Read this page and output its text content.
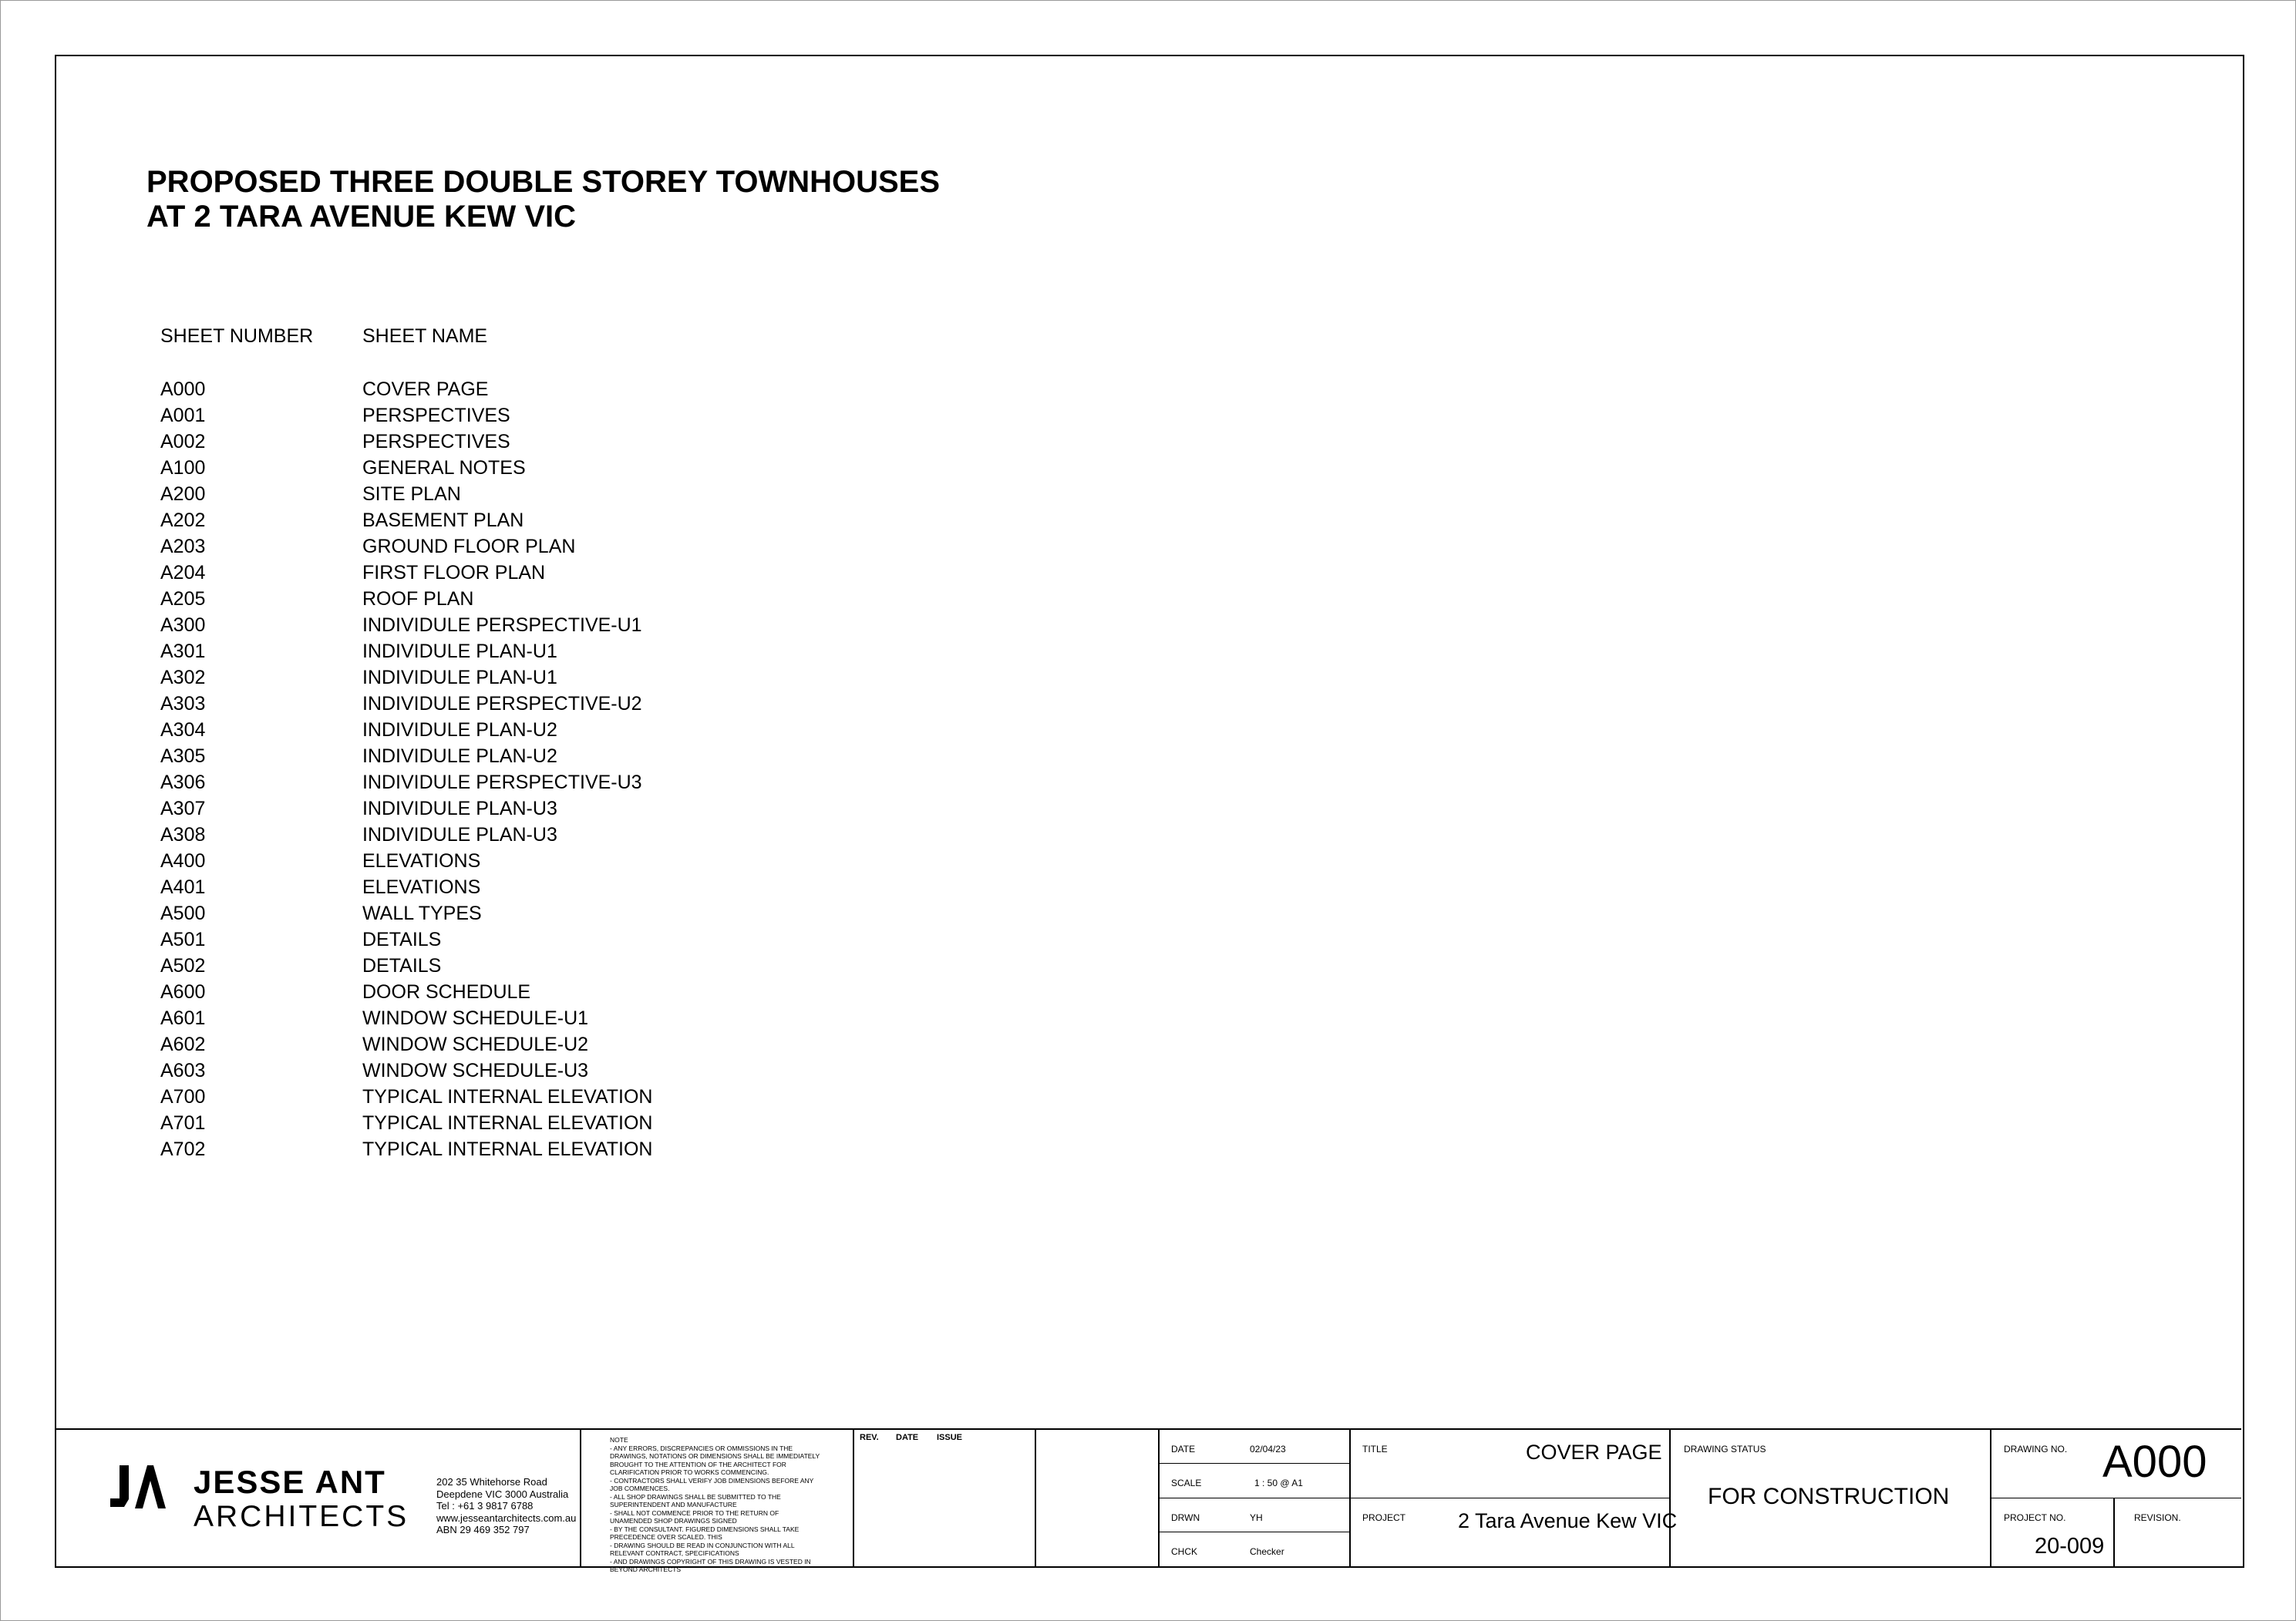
PROPOSED THREE DOUBLE STOREY TOWNHOUSES
AT 2 TARA AVENUE KEW VIC
SHEET NUMBER	SHEET NAME
A000	COVER PAGE
A001	PERSPECTIVES
A002	PERSPECTIVES
A100	GENERAL NOTES
A200	SITE PLAN
A202	BASEMENT PLAN
A203	GROUND FLOOR PLAN
A204	FIRST FLOOR PLAN
A205	ROOF PLAN
A300	INDIVIDULE PERSPECTIVE-U1
A301	INDIVIDULE PLAN-U1
A302	INDIVIDULE PLAN-U1
A303	INDIVIDULE PERSPECTIVE-U2
A304	INDIVIDULE PLAN-U2
A305	INDIVIDULE PLAN-U2
A306	INDIVIDULE PERSPECTIVE-U3
A307	INDIVIDULE PLAN-U3
A308	INDIVIDULE PLAN-U3
A400	ELEVATIONS
A401	ELEVATIONS
A500	WALL TYPES
A501	DETAILS
A502	DETAILS
A600	DOOR SCHEDULE
A601	WINDOW SCHEDULE-U1
A602	WINDOW SCHEDULE-U2
A603	WINDOW SCHEDULE-U3
A700	TYPICAL INTERNAL ELEVATION
A701	TYPICAL INTERNAL ELEVATION
A702	TYPICAL INTERNAL ELEVATION
JESSE ANT
ARCHITECTS
202 35 Whitehorse Road
Deepdene VIC 3000 Australia
Tel : +61 3 9817 6788
www.jesseantarchitects.com.au
ABN 29 469 352 797
NOTE
- ANY ERRORS, DISCREPANCIES OR OMMISSIONS IN THE
DRAWINGS, NOTATIONS OR DIMENSIONS SHALL BE IMMEDIATELY
BROUGHT TO THE ATTENTION OF THE ARCHITECT FOR
CLARIFICATION PRIOR TO WORKS COMMENCING.
- CONTRACTORS SHALL VERIFY JOB DIMENSIONS BEFORE ANY
JOB COMMENCES.
- ALL SHOP DRAWINGS SHALL BE SUBMITTED TO THE
SUPERINTENDENT AND MANUFACTURE
- SHALL NOT COMMENCE PRIOR TO THE RETURN OF
UNAMENDED SHOP DRAWINGS SIGNED
- BY THE CONSULTANT. FIGURED DIMENSIONS SHALL TAKE
PRECEDENCE OVER SCALED. THIS
- DRAWING SHOULD BE READ IN CONJUNCTION WITH ALL
RELEVANT CONTRACT, SPECIFICATIONS
- AND DRAWINGS COPYRIGHT OF THIS DRAWING IS VESTED IN
BEYOND ARCHITECTS
REV. DATE ISSUE
DATE	02/04/23
SCALE	1 : 50 @ A1
DRWN	YH
CHCK	Checker
TITLE	COVER PAGE
PROJECT	2 Tara Avenue Kew VIC
DRAWING STATUS
FOR CONSTRUCTION
DRAWING NO. A000
PROJECT NO.
20-009
REVISION.
